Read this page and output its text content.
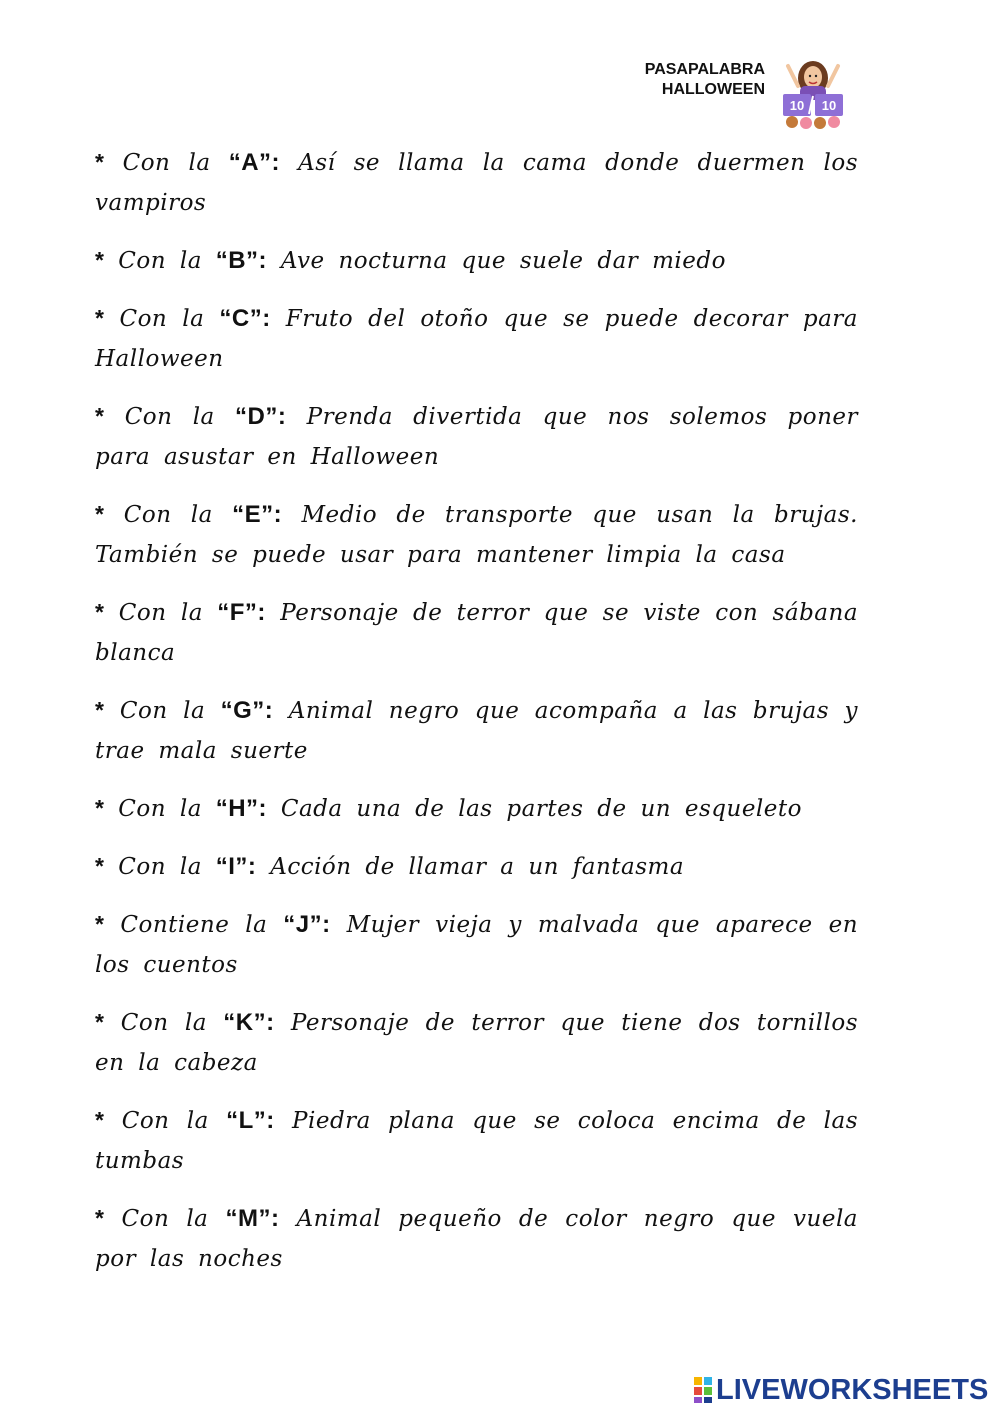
PASAPALABRA
HALLOWEEN
10 10

* Con la “A”: Así se llama la cama donde duermen los vampiros

* Con la “B”: Ave nocturna que suele dar miedo

* Con la “C”: Fruto del otoño que se puede decorar para Halloween

* Con la “D”: Prenda divertida que nos solemos poner para asustar en Halloween

* Con la “E”: Medio de transporte que usan la brujas. También se puede usar para mantener limpia la casa

* Con la “F”: Personaje de terror que se viste con sábana blanca

* Con la “G”: Animal negro que acompaña a las brujas y trae mala suerte

* Con la “H”: Cada una de las partes de un esqueleto

* Con la “I”: Acción de llamar a un fantasma

* Contiene la “J”: Mujer vieja y malvada que aparece en los cuentos

* Con la “K”: Personaje de terror que tiene dos tornillos en la cabeza

* Con la “L”: Piedra plana que se coloca encima de las tumbas

* Con la “M”: Animal pequeño de color negro que vuela por las noches

LIVEWORKSHEETS
